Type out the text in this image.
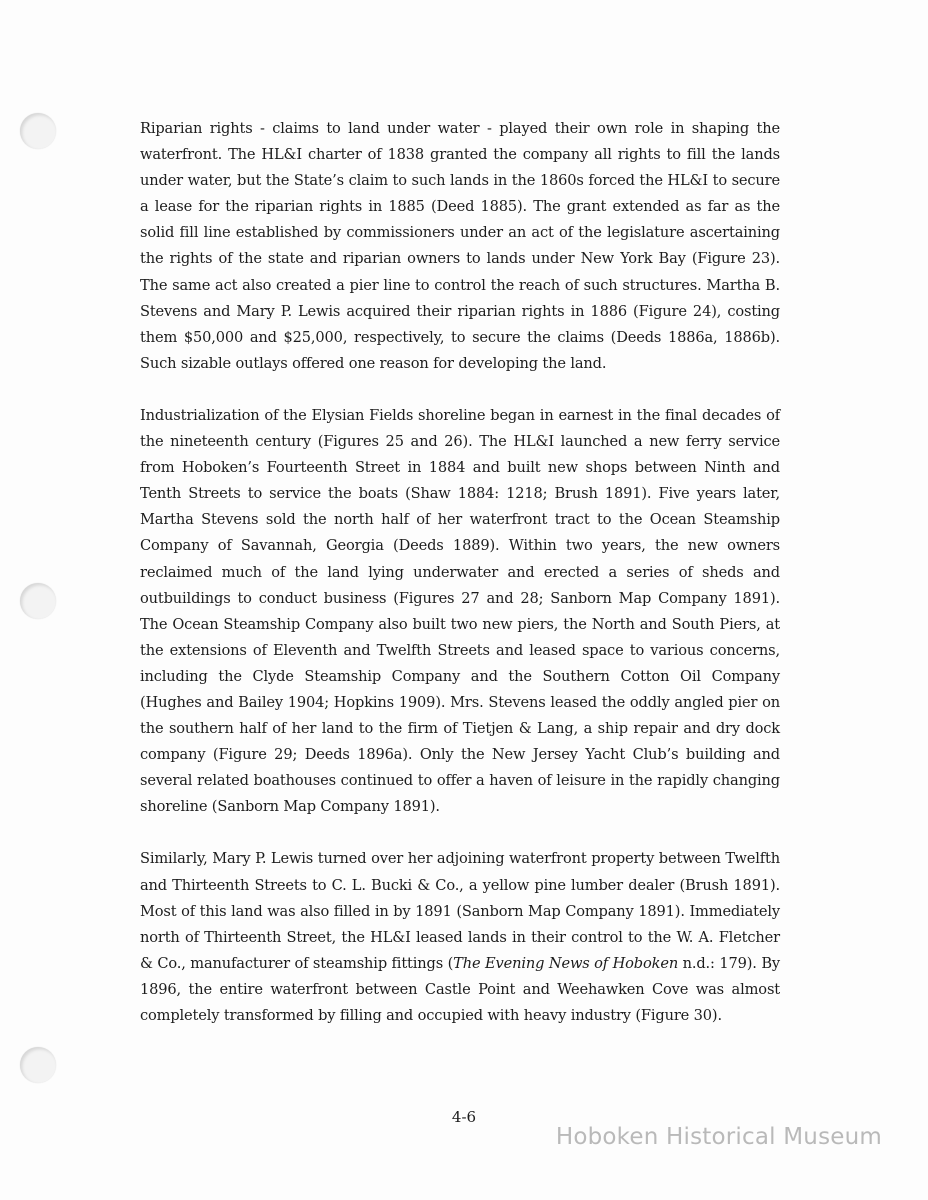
Riparian rights - claims to land under water - played their own role in shaping the waterfront. The HL&I charter of 1838 granted the company all rights to fill the lands under water, but the State’s claim to such lands in the 1860s forced the HL&I to secure a lease for the riparian rights in 1885 (Deed 1885). The grant extended as far as the solid fill line established by commissioners under an act of the legislature ascertaining the rights of the state and riparian owners to lands under New York Bay (Figure 23). The same act also created a pier line to control the reach of such structures. Martha B. Stevens and Mary P. Lewis acquired their riparian rights in 1886 (Figure 24), costing them $50,000 and $25,000, respectively, to secure the claims (Deeds 1886a, 1886b). Such sizable outlays offered one reason for developing the land.

Industrialization of the Elysian Fields shoreline began in earnest in the final decades of the nineteenth century (Figures 25 and 26). The HL&I launched a new ferry service from Hoboken’s Fourteenth Street in 1884 and built new shops between Ninth and Tenth Streets to service the boats (Shaw 1884: 1218; Brush 1891). Five years later, Martha Stevens sold the north half of her waterfront tract to the Ocean Steamship Company of Savannah, Georgia (Deeds 1889). Within two years, the new owners reclaimed much of the land lying underwater and erected a series of sheds and outbuildings to conduct business (Figures 27 and 28; Sanborn Map Company 1891). The Ocean Steamship Company also built two new piers, the North and South Piers, at the extensions of Eleventh and Twelfth Streets and leased space to various concerns, including the Clyde Steamship Company and the Southern Cotton Oil Company (Hughes and Bailey 1904; Hopkins 1909). Mrs. Stevens leased the oddly angled pier on the southern half of her land to the firm of Tietjen & Lang, a ship repair and dry dock company (Figure 29; Deeds 1896a). Only the New Jersey Yacht Club’s building and several related boathouses continued to offer a haven of leisure in the rapidly changing shoreline (Sanborn Map Company 1891).

Similarly, Mary P. Lewis turned over her adjoining waterfront property between Twelfth and Thirteenth Streets to C. L. Bucki & Co., a yellow pine lumber dealer (Brush 1891). Most of this land was also filled in by 1891 (Sanborn Map Company 1891). Immediately north of Thirteenth Street, the HL&I leased lands in their control to the W. A. Fletcher & Co., manufacturer of steamship fittings (The Evening News of Hoboken n.d.: 179). By 1896, the entire waterfront between Castle Point and Weehawken Cove was almost completely transformed by filling and occupied with heavy industry (Figure 30).

4-6
Hoboken Historical Museum
